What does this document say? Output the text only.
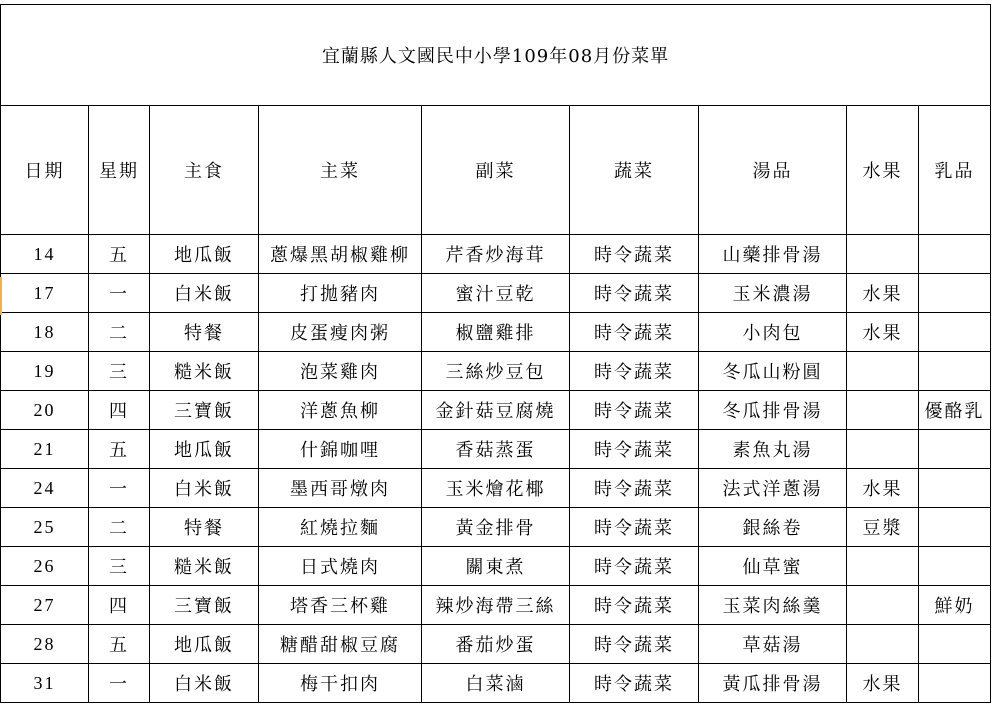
宜蘭縣人文國民中小學109年08月份菜單								
日期	星期	主食	主菜	副菜	蔬菜	湯品	水果	乳品
14	五	地瓜飯	蔥爆黑胡椒雞柳	芹香炒海茸	時令蔬菜	山藥排骨湯		
17	一	白米飯	打拋豬肉	蜜汁豆乾	時令蔬菜	玉米濃湯	水果	
18	二	特餐	皮蛋瘦肉粥	椒鹽雞排	時令蔬菜	小肉包	水果	
19	三	糙米飯	泡菜雞肉	三絲炒豆包	時令蔬菜	冬瓜山粉圓		
20	四	三寶飯	洋蔥魚柳	金針菇豆腐燒	時令蔬菜	冬瓜排骨湯		優酪乳
21	五	地瓜飯	什錦咖哩	香菇蒸蛋	時令蔬菜	素魚丸湯		
24	一	白米飯	墨西哥燉肉	玉米燴花椰	時令蔬菜	法式洋蔥湯	水果	
25	二	特餐	紅燒拉麵	黃金排骨	時令蔬菜	銀絲卷	豆漿	
26	三	糙米飯	日式燒肉	關東煮	時令蔬菜	仙草蜜		
27	四	三寶飯	塔香三杯雞	辣炒海帶三絲	時令蔬菜	玉菜肉絲羹		鮮奶
28	五	地瓜飯	糖醋甜椒豆腐	番茄炒蛋	時令蔬菜	草菇湯		
31	一	白米飯	梅干扣肉	白菜滷	時令蔬菜	黃瓜排骨湯	水果	
